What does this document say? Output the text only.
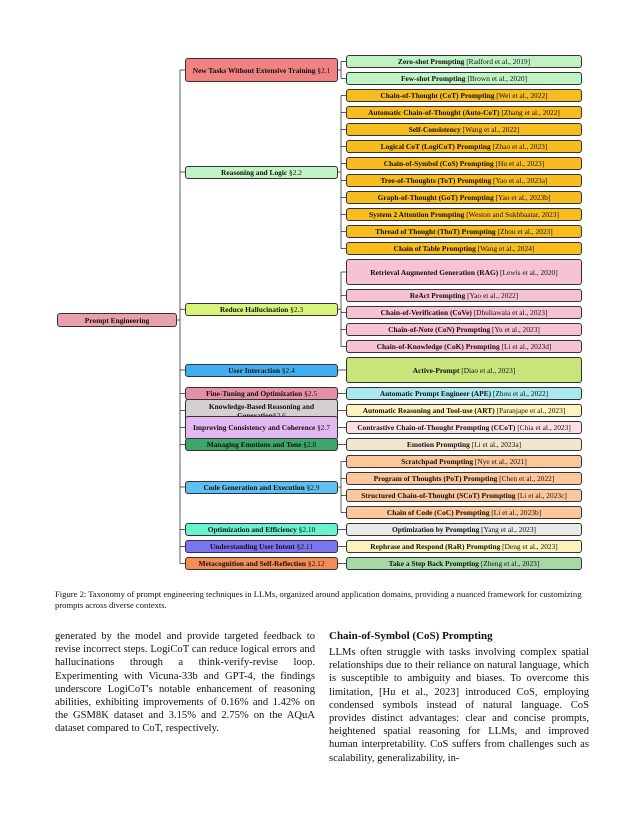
Prompt Engineering
Zero-shot Prompting [Radford et al., 2019]
Few-shot Prompting [Brown et al., 2020]
New Tasks Without Extensive Training §2.1
Chain-of-Thought (CoT) Prompting [Wei et al., 2022]
Automatic Chain-of-Thought (Auto-CoT) [Zhang et al., 2022]
Self-Consistency [Wang et al., 2022]
Logical CoT (LogiCoT) Prompting [Zhao et al., 2023]
Chain-of-Symbol (CoS) Prompting [Hu et al., 2023]
Tree-of-Thoughts (ToT) Prompting [Yao et al., 2023a]
Graph-of-Thought (GoT) Prompting [Yao et al., 2023b]
System 2 Attention Prompting [Weston and Sukhbaatar, 2023]
Thread of Thought (ThoT) Prompting [Zhou et al., 2023]
Chain of Table Prompting [Wang et al., 2024]
Reasoning and Logic §2.2
Retrieval Augmented Generation (RAG) [Lewis et al., 2020]
ReAct Prompting [Yao et al., 2022]
Chain-of-Verification (CoVe) [Dhuliawala et al., 2023]
Chain-of-Note (CoN) Prompting [Yu et al., 2023]
Chain-of-Knowledge (CoK) Prompting [Li et al., 2023d]
Reduce Hallucination §2.3
Active-Prompt [Diao et al., 2023]
User Interaction §2.4
Automatic Prompt Engineer (APE) [Zhou et al., 2022]
Fine-Tuning and Optimization §2.5
Automatic Reasoning and Tool-use (ART) [Paranjape et al., 2023]
Knowledge-Based Reasoning and
Contrastive Chain-of-Thought Prompting (CCoT) [Chia et al., 2023]
Improving Consistency and Coherence §2.7
Emotion Prompting [Li et al., 2023a]
Managing Emotions and Tone §2.8
Scratchpad Prompting [Nye et al., 2021]
Program of Thoughts (PoT) Prompting [Chen et al., 2022]
Structured Chain-of-Thought (SCoT) Prompting [Li et al., 2023c]
Chain of Code (CoC) Prompting [Li et al., 2023b]
Code Generation and Execution §2.9
Optimization by Prompting [Yang et al., 2023]
Optimization and Efficiency §2.10
Rephrase and Respond (RaR) Prompting [Deng et al., 2023]
Understanding User Intent §2.11
Take a Step Back Prompting [Zheng et al., 2023]
Metacognition and Self-Reflection §2.12
Figure 2: Taxonomy of prompt engineering techniques in LLMs, organized around application domains, providing a nuanced framework for customizing prompts across diverse contexts.

generated by the model and provide targeted feedback to revise incorrect steps. LogiCoT can reduce logical errors and hallucinations through a think-verify-revise loop. Experimenting with Vicuna-33b and GPT-4, the findings underscore LogiCoT's notable enhancement of reasoning abilities, exhibiting improvements of 0.16% and 1.42% on the GSM8K dataset and 3.15% and 2.75% on the AQuA dataset compared to CoT, respectively.

Chain-of-Symbol (CoS) Prompting

LLMs often struggle with tasks involving complex spatial relationships due to their reliance on natural language, which is susceptible to ambiguity and biases. To overcome this limitation, [Hu et al., 2023] introduced CoS, employing condensed symbols instead of natural language. CoS provides distinct advantages: clear and concise prompts, heightened spatial reasoning for LLMs, and improved human interpretability. CoS suffers from challenges such as scalability, generalizability, in-
